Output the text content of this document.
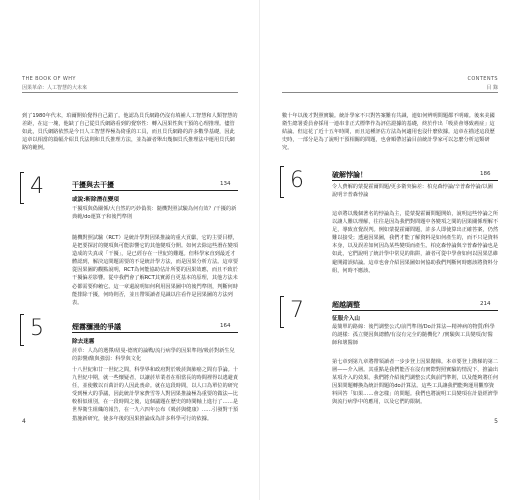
THE BOOK OF WHY
因果革命：人工智慧的大未來
到了1980年代末，珀爾開始覺得自己錯了。他認為貝氏網路仍沒有填補人工智慧和人類智慧的差距，在這一塊，他缺了自己從貝氏網路看到的覺察性：轉入因果性與干預的心理推理。儘管如此，貝氏網路依然是今日人工智慧界極為倚重的工具，而且貝氏網路的許多數學基礎，因此這章以相當的篇幅介紹貝氏法則和貝氏推理方法，並為讀者舉出幾個貝氏推理法中運用貝氏網路的範例。
4	干擾與去干擾	134
或說:斬除潛在變項
干擾項與偽關係/大自然的巧妙偽裝：隨機對照試驗為何有效？/干擾的新典範/do運算子和後門準則
隨機對照試驗（RCT）是統計學對因果推論的重大貢獻，它的主要目標，是把要探討的變項與可能影響它的其他變項分開。如何去除這些潛在變項造成的失真或「干擾」，是已經存在一世紀的難題。但科學家直到最近才體認到，解決這問題需要的不是統計學方法，而是因果分析方法。這章要從因果圖的觀點說明，RCT為何能協助估計所要的因果效應，而且不致於干擾偏差影響。從中我們會了解RCT其實源自更基本的原理，其他方法未必都需要仰賴它。這一章還說明如何利用因果圖中的後門準則，判斷何時能排除干擾，何時則否，並且帶領讀者見識以往看作是因果圖的方法列表。
5	煙霧瀰漫的爭議	164
除去迷霧
菸草：人為的選擇/紐曼-德賓的論戰/流行病學的因果準則/吸菸對新生兒的影響/酸與強弱：科學與文化
十八世紀和廿一世紀之間，科學界和政府對於吸菸與肺癌之間有爭論。十九世紀中期，就一些懷疑者，以讓菸草業者在相當長的時間裡得以逃避責任，並使數以百萬計的人因此喪命。就在這段時間，以人口為單位的研究受到極大的爭議，因此統計學家費雪等人對因果推論極為重要的做法—比較相似組別，在一段時間之後，這個議題在歷史的時間軸上進行了……是世界衛生組織的報告，在一九六四年公布《吸菸與健康》……引發對干預措施新研究，使多年後的因果推論成為許多科學可行的依據。
4
CONTENTS
目 錄
數十年以後才對照實驗。統計學家不只對答案難有共識，連如何辨明問題都不明確。後來美國衛生總署委員會採用一連串非正式標準作為評估證據的基礎，終於作出「吸菸會導致癌症」這結論。但這花了近十五年時間，而且這種評估方法為何適用也沒什麼依據。這章在描述這段歷史時，一部分是為了說明干預相關的問題，也會順帶討論目前統計學家可以怎麼分析這類研究。
6	破解悖論！	186
令人費解的蒙提霍爾問題/更多衛突偏差：柏克森悖論/辛普森悖論/以圖說明辛普森悖論
這章將以幾個著名的悖論為主，從蒙提霍爾問題開始，說明這些悖論之所以讓人難以理解，往往是因為我們對問題中各變項之間的因果關係理解不足，導致直覺誤判。例如蒙提霍爾問題，許多人即使算出正確答案，仍然難以接受；透過因果圖，我們才能了解資料是如何產生的，而不只是資料本身，以及誤差如何因為某些變項而產生。柏克森悖論與辛普森悖論也是如此，它們說明了統計學中常見的陷阱，讀者可從中學會如何以因果思維避開錯誤結論。這章也會介紹因果圖如何協助我們判斷何時應該將資料分組，何時不應該。
7	超越調整	214
征服介入山
最簡單的路線：後門調整公式/前門準則/Do計算法—精神病的物質/科學的謎樣：孤立變因與總體/有沒有完全的隨機化？/實驗與工具變項/好醫師和壞醫師
第七章到第九章將帶領讀者一步步登上因果階梯。本章要登上階梯的第二層——介入層。其重點是我們能否在沒有實際對照實驗的情況下，推論出某項介入的效果。我們將介紹後門調整公式與前門準則，以及能夠將任何因果問題轉換為統計問題的do計算法。這些工具讓我們能夠運用觀察資料回答「如果……會怎樣」的問題。我們也將說明工具變項在計量經濟學與流行病學中的應用，以及它們的限制。
5
